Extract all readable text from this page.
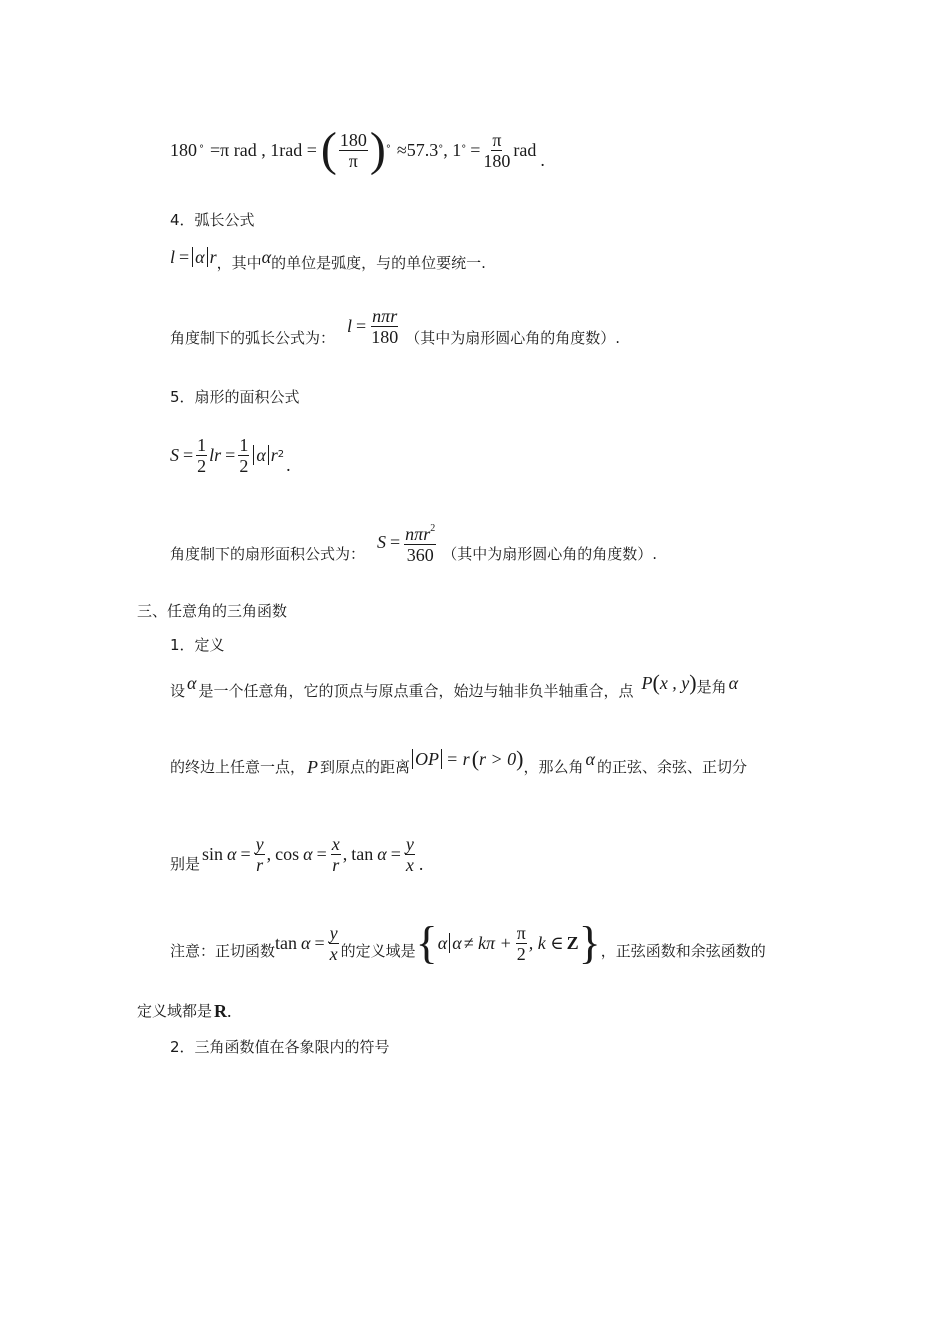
180 ° =π rad , 1rad = ( $\frac{180}{\pi}$ ) ° ≈57.3 ° , 1 ° = $\frac{\pi}{180}$ rad .
4．弧长公式
l = α r ，其中 α 的单位是弧度，与的单位要统一.
角度制下的弧长公式为：
$l = \frac{\text{nπr}}{180}$ （其中为扇形圆心角的角度数）.
5．扇形的面积公式
$S = \frac{1}{2}$ lr = $\frac{1}{2}$ α r 2
.
角度制下的扇形面积公式为：
$S = \frac{n\pi r^2}{360}$ （其中为扇形圆心角的角度数）.
三、任意角的三角函数
1．定义
设 α 是一个任意角，它的顶点与原点重合，始边与轴非负半轴重合，点 P ( x , y ) 是角 α
的终边上任意一点， P 到原点的距离 OP = r ( r > 0 ) ，那么角 α 的正弦、余弦、正切分
别是 $\sin \alpha = \frac{y}{r}$ , $\cos \alpha = \frac{x}{r}$ , $\tan \alpha = \frac{y}{x}$ .
注意：正切函数 $\tan \alpha = \frac{y}{x}$ 的定义域是 { α $\alpha \ne k\pi + \frac{\pi}{2}$ , k ∈ Z } ，正弦函数和余弦函数的
定义域都是 R .
2．三角函数值在各象限内的符号
